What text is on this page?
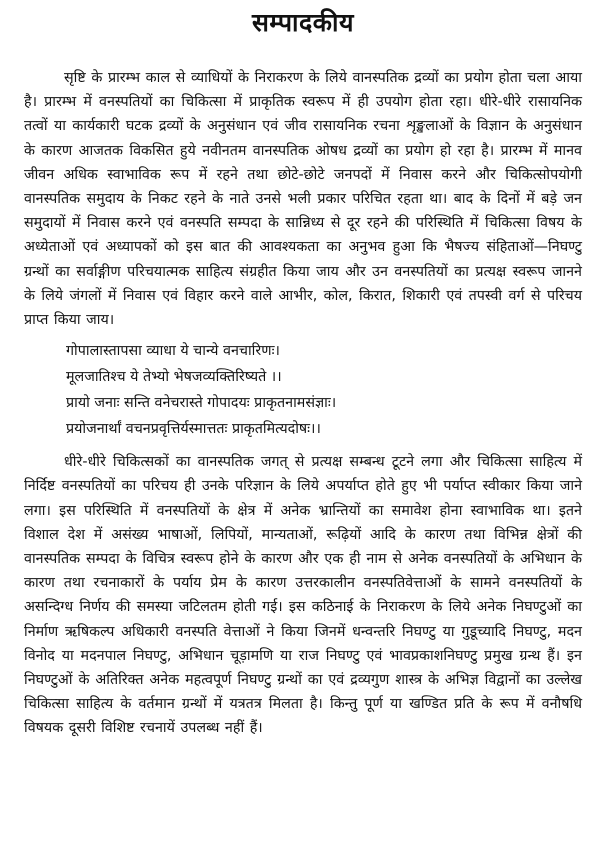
सम्पादकीय

सृष्टि के प्रारम्भ काल से व्याधियों के निराकरण के लिये वानस्पतिक द्रव्यों का प्रयोग होता चला आया है। प्रारम्भ में वनस्पतियों का चिकित्सा में प्राकृतिक स्वरूप में ही उपयोग होता रहा। धीरे-धीरे रासायनिक तत्वों या कार्यकारी घटक द्रव्यों के अनुसंधान एवं जीव रासायनिक रचना शृङ्खलाओं के विज्ञान के अनुसंधान के कारण आजतक विकसित हुये नवीनतम वानस्पतिक ओषध द्रव्यों का प्रयोग हो रहा है। प्रारम्भ में मानव जीवन अधिक स्वाभाविक रूप में रहने तथा छोटे-छोटे जनपदों में निवास करने और चिकित्सोपयोगी वानस्पतिक समुदाय के निकट रहने के नाते उनसे भली प्रकार परिचित रहता था। बाद के दिनों में बड़े जन समुदायों में निवास करने एवं वनस्पति सम्पदा के सान्निध्य से दूर रहने की परिस्थिति में चिकित्सा विषय के अध्येताओं एवं अध्यापकों को इस बात की आवश्यकता का अनुभव हुआ कि भैषज्य संहिताओं—निघण्टु ग्रन्थों का सर्वाङ्गीण परिचयात्मक साहित्य संग्रहीत किया जाय और उन वनस्पतियों का प्रत्यक्ष स्वरूप जानने के लिये जंगलों में निवास एवं विहार करने वाले आभीर, कोल, किरात, शिकारी एवं तपस्वी वर्ग से परिचय प्राप्त किया जाय।

गोपालास्तापसा व्याधा ये चान्ये वनचारिणः।
मूलजातिश्च ये तेभ्यो भेषजव्यक्तिरिष्यते ।।
प्रायो जनाः सन्ति वनेचरास्ते गोपादयः प्राकृतनामसंज्ञाः।
प्रयोजनार्थां वचनप्रवृत्तिर्यस्मात्ततः प्राकृतमित्यदोषः।।

धीरे-धीरे चिकित्सकों का वानस्पतिक जगत् से प्रत्यक्ष सम्बन्ध टूटने लगा और चिकित्सा साहित्य में निर्दिष्ट वनस्पतियों का परिचय ही उनके परिज्ञान के लिये अपर्याप्त होते हुए भी पर्याप्त स्वीकार किया जाने लगा। इस परिस्थिति में वनस्पतियों के क्षेत्र में अनेक भ्रान्तियों का समावेश होना स्वाभाविक था। इतने विशाल देश में असंख्य भाषाओं, लिपियों, मान्यताओं, रूढ़ियों आदि के कारण तथा विभिन्न क्षेत्रों की वानस्पतिक सम्पदा के विचित्र स्वरूप होने के कारण और एक ही नाम से अनेक वनस्पतियों के अभिधान के कारण तथा रचनाकारों के पर्याय प्रेम के कारण उत्तरकालीन वनस्पतिवेत्ताओं के सामने वनस्पतियों के असन्दिग्ध निर्णय की समस्या जटिलतम होती गई। इस कठिनाई के निराकरण के लिये अनेक निघण्टुओं का निर्माण ऋषिकल्प अधिकारी वनस्पति वेत्ताओं ने किया जिनमें धन्वन्तरि निघण्टु या गुडूच्यादि निघण्टु, मदन विनोद या मदनपाल निघण्टु, अभिधान चूड़ामणि या राज निघण्टु एवं भावप्रकाशनिघण्टु प्रमुख ग्रन्थ हैं। इन निघण्टुओं के अतिरिक्त अनेक महत्वपूर्ण निघण्टु ग्रन्थों का एवं द्रव्यगुण शास्त्र के अभिज्ञ विद्वानों का उल्लेख चिकित्सा साहित्य के वर्तमान ग्रन्थों में यत्रतत्र मिलता है। किन्तु पूर्ण या खण्डित प्रति के रूप में वनौषधि विषयक दूसरी विशिष्ट रचनायें उपलब्ध नहीं हैं।
